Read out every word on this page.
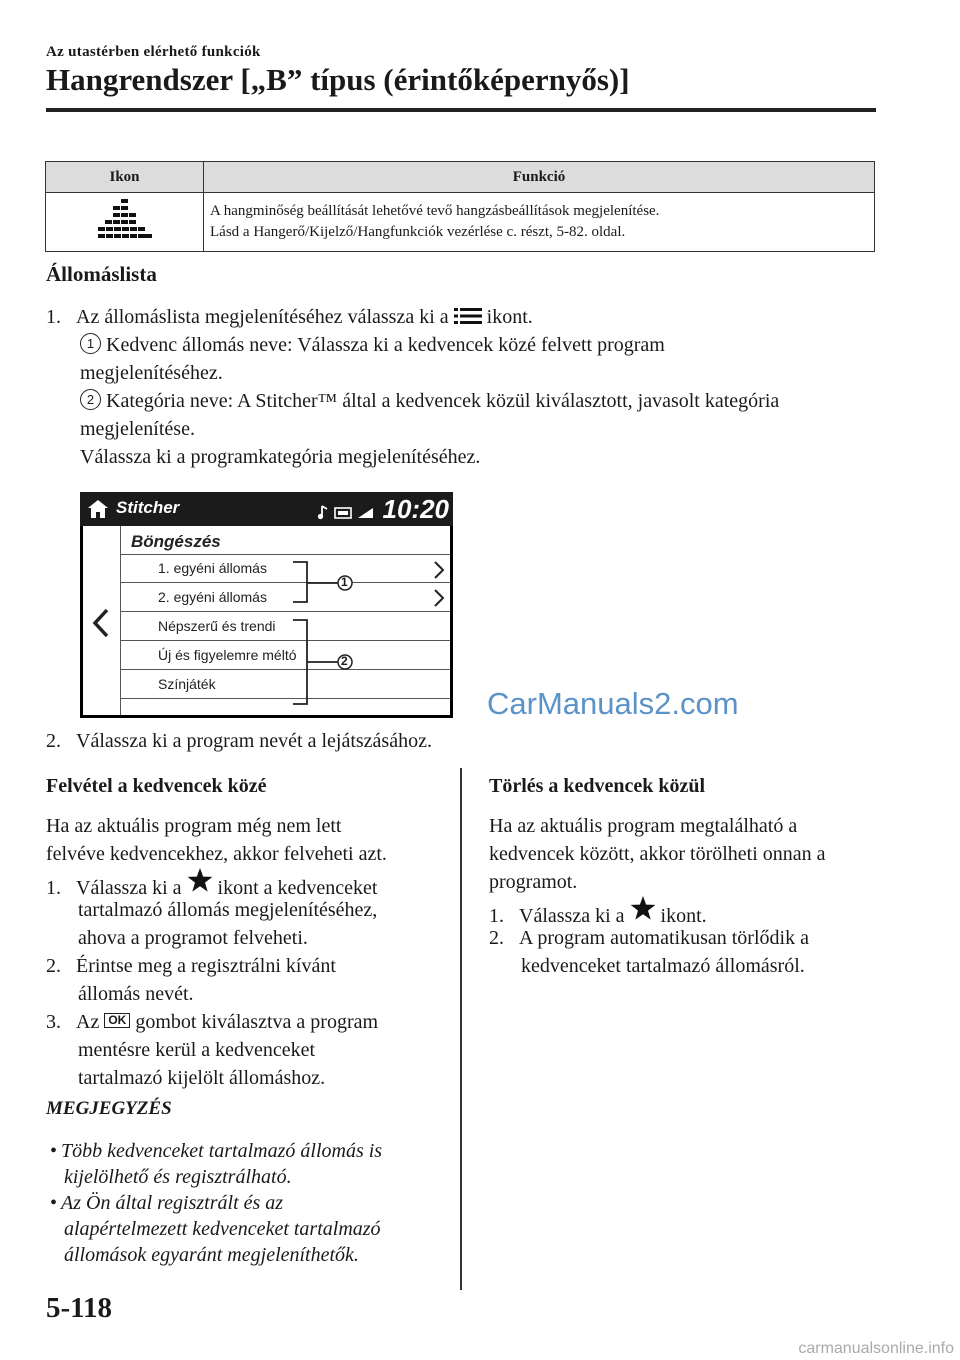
Az utastérben elérhető funkciók
Hangrendszer [„B” típus (érintőképernyős)]
Ikon	Funkció

A hangminőség beállítását lehetővé tevő hangzásbeállítások megjelenítése.
Lásd a Hangerő/Kijelző/Hangfunkciók vezérlése c. részt, 5-82. oldal.
Állomáslista
1. Az állomáslista megjelenítéséhez válassza ki a ikont.
1 Kedvenc állomás neve: Válassza ki a kedvencek közé felvett program
megjelenítéséhez.
2 Kategória neve: A Stitcher™ által a kedvencek közül kiválasztott, javasolt kategória
megjelenítése.
Válassza ki a programkategória megjelenítéséhez.
Stitcher	10:20
Böngészés
1. egyéni állomás
2. egyéni állomás
Népszerű és trendi
Új és figyelemre méltó
Színjáték
1
2
CarManuals2.com
2. Válassza ki a program nevét a lejátszásához.
Felvétel a kedvencek közé
Ha az aktuális program még nem lett
felvéve kedvencekhez, akkor felveheti azt.
1. Válassza ki a ikont a kedvenceket
tartalmazó állomás megjelenítéséhez,
ahova a programot felveheti.
2. Érintse meg a regisztrálni kívánt
állomás nevét.
3. Az OK gombot kiválasztva a program
mentésre kerül a kedvenceket
tartalmazó kijelölt állomáshoz.
MEGJEGYZÉS
• Több kedvenceket tartalmazó állomás is
kijelölhető és regisztrálható.
• Az Ön által regisztrált és az
alapértelmezett kedvenceket tartalmazó
állomások egyaránt megjeleníthetők.
Törlés a kedvencek közül
Ha az aktuális program megtalálható a
kedvencek között, akkor törölheti onnan a
programot.
1. Válassza ki a ikont.
2. A program automatikusan törlődik a
kedvenceket tartalmazó állomásról.
5-118
carmanualsonline.info
